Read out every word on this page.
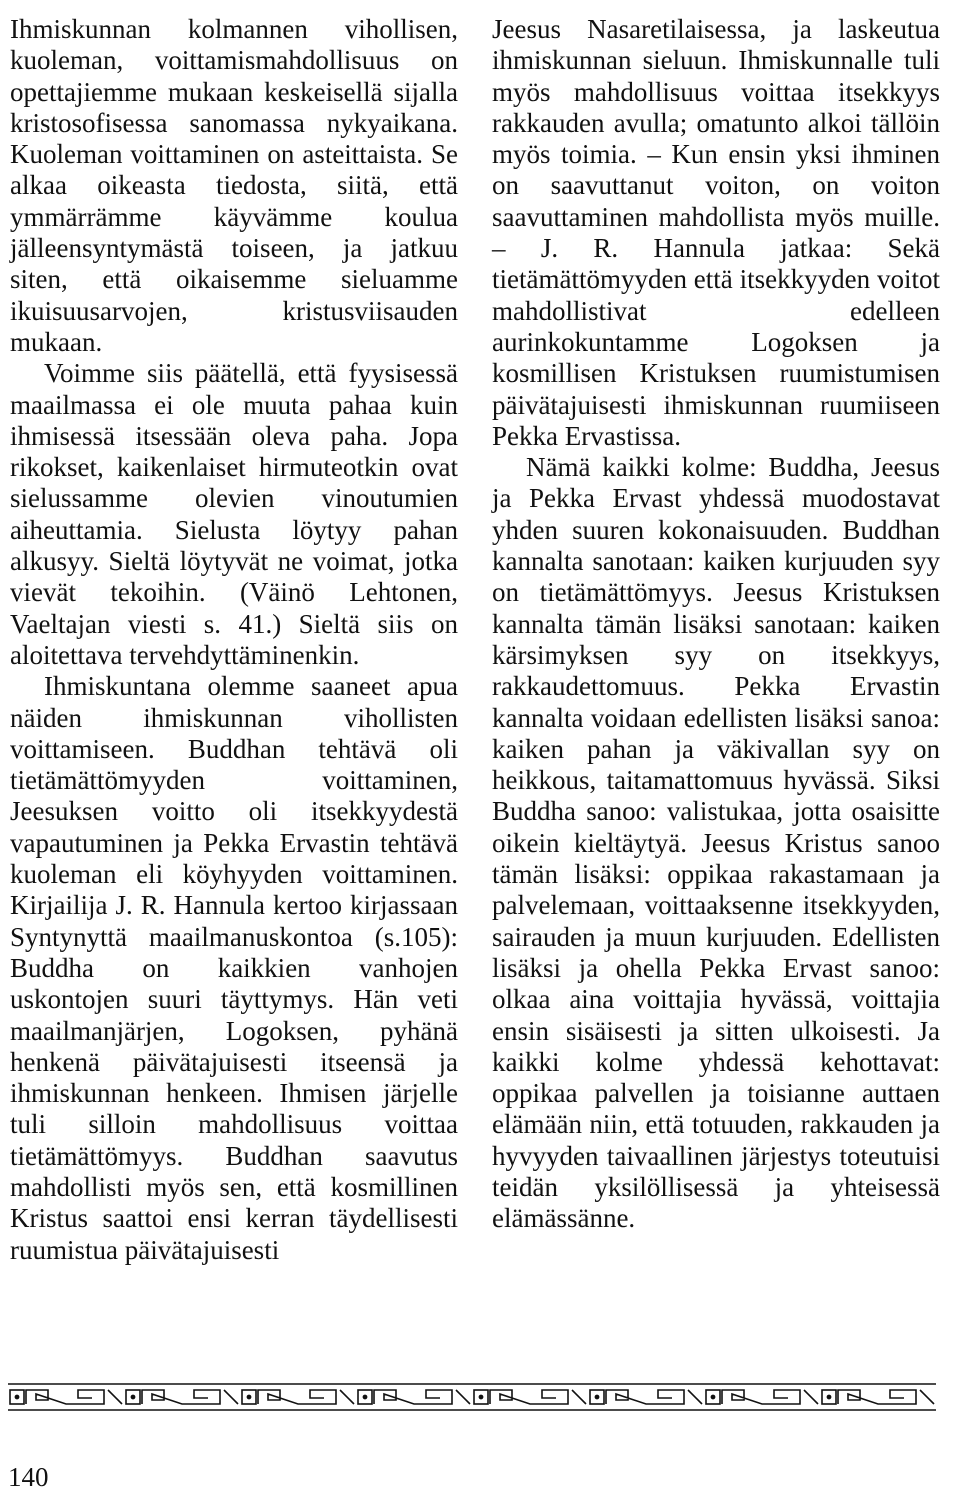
Ihmiskunnan kolmannen vihollisen, kuoleman, voittamismahdollisuus on opettajiemme mukaan keskeisellä sijalla kristosofisessa sanomassa nykyaikana. Kuoleman voittaminen on asteittaista. Se alkaa oikeasta tiedosta, siitä, että ymmärrämme käyvämme koulua jälleensyntymästä toiseen, ja jatkuu siten, että oikaisemme sieluamme ikuisuusarvojen, kristusviisauden mukaan.

Voimme siis päätellä, että fyysisessä maailmassa ei ole muuta pahaa kuin ihmisessä itsessään oleva paha. Jopa rikokset, kaikenlaiset hirmuteotkin ovat sielussamme olevien vinoutumien aiheuttamia. Sielusta löytyy pahan alkusyy. Sieltä löytyvät ne voimat, jotka vievät tekoihin. (Väinö Lehtonen, Vaeltajan viesti s. 41.) Sieltä siis on aloitettava tervehdyttäminenkin.

Ihmiskuntana olemme saaneet apua näiden ihmiskunnan vihollisten voittamiseen. Buddhan tehtävä oli tietämättömyyden voittaminen, Jeesuksen voitto oli itsekkyydestä vapautuminen ja Pekka Ervastin tehtävä kuoleman eli köyhyyden voittaminen. Kirjailija J. R. Hannula kertoo kirjassaan Syntynyttä maailmanuskontoa (s.105): Buddha on kaikkien vanhojen uskontojen suuri täyttymys. Hän veti maailmanjärjen, Logoksen, pyhänä henkenä päivätajuisesti itseensä ja ihmiskunnan henkeen. Ihmisen järjelle tuli silloin mahdollisuus voittaa tietämättömyys. Buddhan saavutus mahdollisti myös sen, että kosmillinen Kristus saattoi ensi kerran täydellisesti ruumistua päivätajuisesti

Jeesus Nasaretilaisessa, ja laskeutua ihmiskunnan sieluun. Ihmiskunnalle tuli myös mahdollisuus voittaa itsekkyys rakkauden avulla; omatunto alkoi tällöin myös toimia. – Kun ensin yksi ihminen on saavuttanut voiton, on voiton saavuttaminen mahdollista myös muille. – J. R. Hannula jatkaa: Sekä tietämättömyyden että itsekkyyden voitot mahdollistivat edelleen aurinkokuntamme Logoksen ja kosmillisen Kristuksen ruumistumisen päivätajuisesti ihmiskunnan ruumiiseen Pekka Ervastissa.

Nämä kaikki kolme: Buddha, Jeesus ja Pekka Ervast yhdessä muodostavat yhden suuren kokonaisuuden. Buddhan kannalta sanotaan: kaiken kurjuuden syy on tietämättömyys. Jeesus Kristuksen kannalta tämän lisäksi sanotaan: kaiken kärsimyksen syy on itsekkyys, rakkaudettomuus. Pekka Ervastin kannalta voidaan edellisten lisäksi sanoa: kaiken pahan ja väkivallan syy on heikkous, taitamattomuus hyvässä. Siksi Buddha sanoo: valistukaa, jotta osaisitte oikein kieltäytyä. Jeesus Kristus sanoo tämän lisäksi: oppikaa rakastamaan ja palvelemaan, voittaaksenne itsekkyyden, sairauden ja muun kurjuuden. Edellisten lisäksi ja ohella Pekka Ervast sanoo: olkaa aina voittajia hyvässä, voittajia ensin sisäisesti ja sitten ulkoisesti. Ja kaikki kolme yhdessä kehottavat: oppikaa palvellen ja toisianne auttaen elämään niin, että totuuden, rakkauden ja hyvyyden taivaallinen järjestys toteutuisi teidän yksilöllisessä ja yhteisessä elämässänne.

140
